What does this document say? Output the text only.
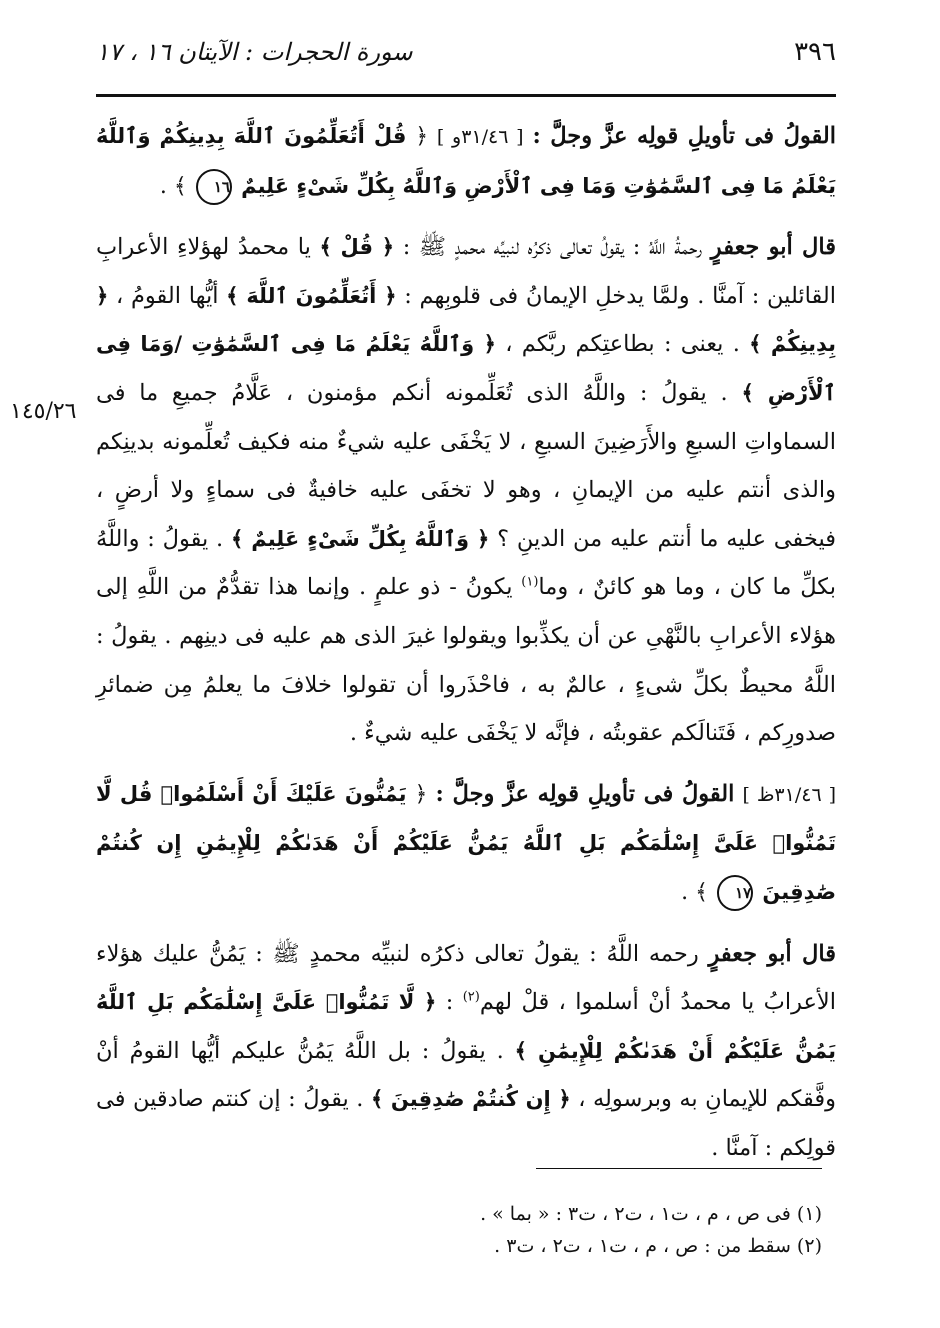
٣٩٦
سورة الحجرات : الآيتان ١٦ ، ١٧
١٤٥/٢٦

القولُ فى تأويلِ قولِه عزَّ وجلَّ : [ ٣١/٤٦و ] ﴿ قُلْ أَتُعَلِّمُونَ ٱللَّهَ بِدِينِكُمْ وَٱللَّهُ يَعْلَمُ مَا فِى ٱلسَّمَٰوَٰتِ وَمَا فِى ٱلْأَرْضِ وَٱللَّهُ بِكُلِّ شَىْءٍ عَلِيمٌ ١٦ ﴾ .

قال أبو جعفرٍ رحمةُ اللَّهُ : يقولُ تعالى ذكرُه لنبيِّه محمدٍ ﷺ : ﴿ قُلْ ﴾ يا محمدُ لهؤلاءِ الأعرابِ القائلين : آمنَّا . ولمَّا يدخلِ الإيمانُ فى قلوبِهم : ﴿ أَتُعَلِّمُونَ ٱللَّهَ ﴾ أيُّها القومُ ، ﴿ بِدِينِكُمْ ﴾ . يعنى : بطاعتِكم ربَّكم ، ﴿ وَٱللَّهُ يَعْلَمُ مَا فِى ٱلسَّمَٰوَٰتِ /وَمَا فِى ٱلْأَرْضِ ﴾ . يقولُ : واللَّهُ الذى تُعَلِّمونه أنكم مؤمنون ، عَلَّامُ جميعِ ما فى السماواتِ السبعِ والأَرَضِينَ السبعِ ، لا يَخْفَى عليه شيءٌ منه فكيف تُعلِّمونه بدينِكم والذى أنتم عليه من الإيمانِ ، وهو لا تخفَى عليه خافيةٌ فى سماءٍ ولا أرضٍ ، فيخفى عليه ما أنتم عليه من الدينِ ؟ ﴿ وَٱللَّهُ بِكُلِّ شَىْءٍ عَلِيمٌ ﴾ . يقولُ : واللَّهُ بكلِّ ما كان ، وما هو كائنٌ ، وما$^{(١)}$ يكونُ - ذو علمٍ . وإنما هذا تقدُّمٌ من اللَّهِ إلى هؤلاء الأعرابِ بالنَّهْىِ عن أن يكذِّبوا ويقولوا غيرَ الذى هم عليه فى دينِهم . يقولُ : اللَّهُ محيطٌ بكلِّ شىءٍ ، عالمٌ به ، فاحْذَروا أن تقولوا خلافَ ما يعلمُ مِن ضمائرِ صدورِكم ، فَتَنالَكم عقوبتُه ، فإنَّه لا يَخْفَى عليه شيءٌ .

[ ٣١/٤٦ظ ] القولُ فى تأويلِ قولِه عزَّ وجلَّ : ﴿ يَمُنُّونَ عَلَيْكَ أَنْ أَسْلَمُوا۟ قُل لَّا تَمُنُّوا۟ عَلَىَّ إِسْلَٰمَكُم بَلِ ٱللَّهُ يَمُنُّ عَلَيْكُمْ أَنْ هَدَىٰكُمْ لِلْإِيمَٰنِ إِن كُنتُمْ صَٰدِقِينَ ١٧ ﴾ .

قال أبو جعفرٍ رحمه اللَّهُ : يقولُ تعالى ذكرُه لنبيِّه محمدٍ ﷺ : يَمُنُّ عليك هؤلاء الأعرابُ يا محمدُ أنْ أسلموا ، قلْ لهم$^{(٢)}$ : ﴿ لَّا تَمُنُّوا۟ عَلَىَّ إِسْلَٰمَكُم بَلِ ٱللَّهُ يَمُنُّ عَلَيْكُمْ أَنْ هَدَىٰكُمْ لِلْإِيمَٰنِ ﴾ . يقولُ : بل اللَّهُ يَمُنُّ عليكم أيُّها القومُ أنْ وفَّقكم للإيمانِ به وبرسولِه ، ﴿ إِن كُنتُمْ صَٰدِقِينَ ﴾ . يقولُ : إن كنتم صادقين فى قولِكم : آمنَّا .

(١) فى ص ، م ، ت١ ، ت٢ ، ت٣ : « بما » .

(٢) سقط من : ص ، م ، ت١ ، ت٢ ، ت٣ .
